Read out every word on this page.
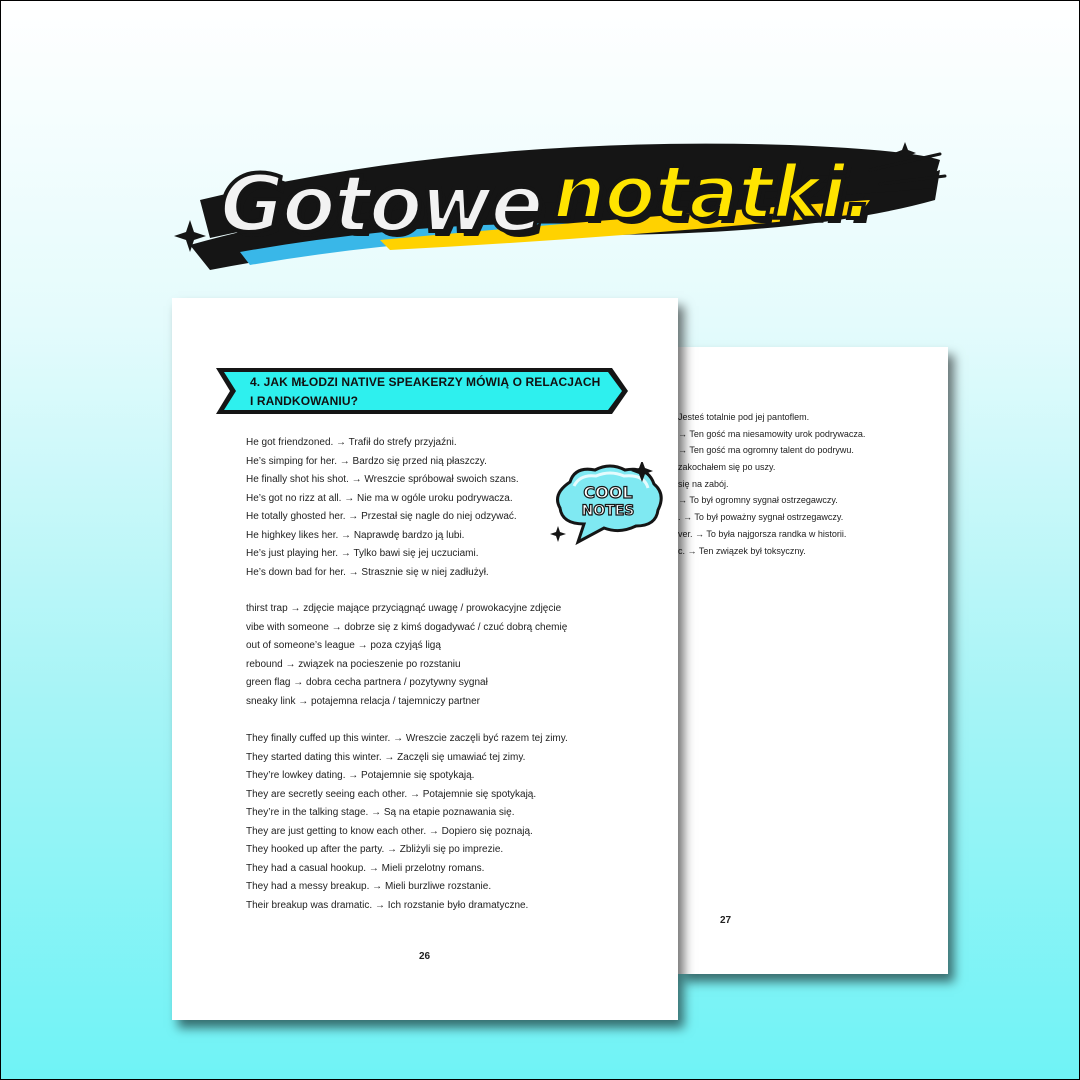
Gotowe notatki.
Jesteś totalnie pod jej pantoflem.
→ Ten gość ma niesamowity urok podrywacza.
→ Ten gość ma ogromny talent do podrywu.
zakochałem się po uszy.
się na zabój.
→ To był ogromny sygnał ostrzegawczy.
. → To był poważny sygnał ostrzegawczy.
ver. → To była najgorsza randka w historii.
c. → Ten związek był toksyczny.
27
4. JAK MŁODZI NATIVE SPEAKERZY MÓWIĄ O RELACJACH
I RANDKOWANIU?
He got friendzoned. → Trafił do strefy przyjaźni.
He’s simping for her. → Bardzo się przed nią płaszczy.
He finally shot his shot. → Wreszcie spróbował swoich szans.
He’s got no rizz at all. → Nie ma w ogóle uroku podrywacza.
He totally ghosted her. → Przestał się nagle do niej odzywać.
He highkey likes her. → Naprawdę bardzo ją lubi.
He’s just playing her. → Tylko bawi się jej uczuciami.
He’s down bad for her. → Strasznie się w niej zadłużył.
thirst trap → zdjęcie mające przyciągnąć uwagę / prowokacyjne zdjęcie
vibe with someone → dobrze się z kimś dogadywać / czuć dobrą chemię
out of someone’s league → poza czyjąś ligą
rebound → związek na pocieszenie po rozstaniu
green flag → dobra cecha partnera / pozytywny sygnał
sneaky link → potajemna relacja / tajemniczy partner
They finally cuffed up this winter. → Wreszcie zaczęli być razem tej zimy.
They started dating this winter. → Zaczęli się umawiać tej zimy.
They’re lowkey dating. → Potajemnie się spotykają.
They are secretly seeing each other. → Potajemnie się spotykają.
They’re in the talking stage. → Są na etapie poznawania się.
They are just getting to know each other. → Dopiero się poznają.
They hooked up after the party. → Zbliżyli się po imprezie.
They had a casual hookup. → Mieli przelotny romans.
They had a messy breakup. → Mieli burzliwe rozstanie.
Their breakup was dramatic. → Ich rozstanie było dramatyczne.
26
COOL
NOTES
